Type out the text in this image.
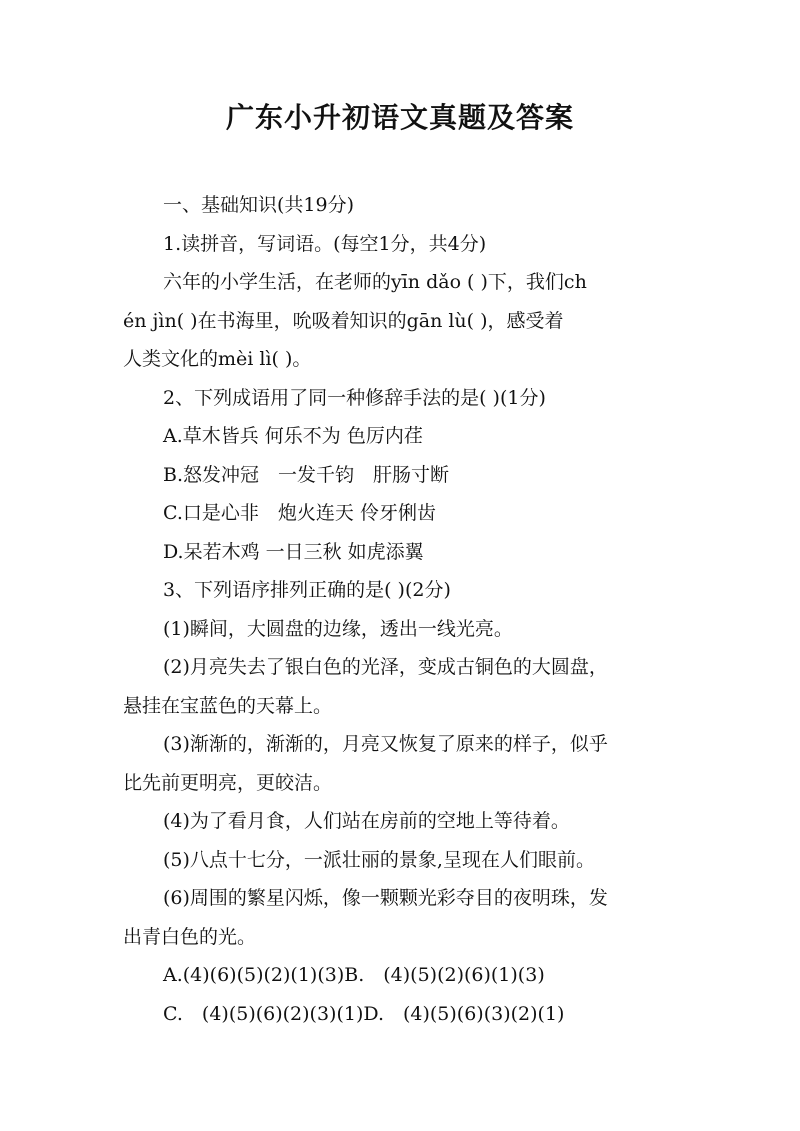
广东小升初语文真题及答案

一、基础知识(共19分)

1.读拼音，写词语。(每空1分，共4分)

六年的小学生活，在老师的yīn dǎo ( )下，我们ch
én jìn( )在书海里，吮吸着知识的gān lù( )，感受着
人类文化的mèi lì( )。

2、下列成语用了同一种修辞手法的是( )(1分)

A.草木皆兵 何乐不为 色厉内荏

B.怒发冲冠　一发千钧　肝肠寸断

C.口是心非　炮火连天 伶牙俐齿

D.呆若木鸡 一日三秋 如虎添翼

3、下列语序排列正确的是( )(2分)

(1)瞬间，大圆盘的边缘，透出一线光亮。

(2)月亮失去了银白色的光泽，变成古铜色的大圆盘，
悬挂在宝蓝色的天幕上。

(3)渐渐的，渐渐的，月亮又恢复了原来的样子，似乎
比先前更明亮，更皎洁。

(4)为了看月食，人们站在房前的空地上等待着。

(5)八点十七分，一派壮丽的景象,呈现在人们眼前。

(6)周围的繁星闪烁，像一颗颗光彩夺目的夜明珠，发
出青白色的光。

A.(4)(6)(5)(2)(1)(3)B.　(4)(5)(2)(6)(1)(3)

C.　(4)(5)(6)(2)(3)(1)D.　(4)(5)(6)(3)(2)(1)
